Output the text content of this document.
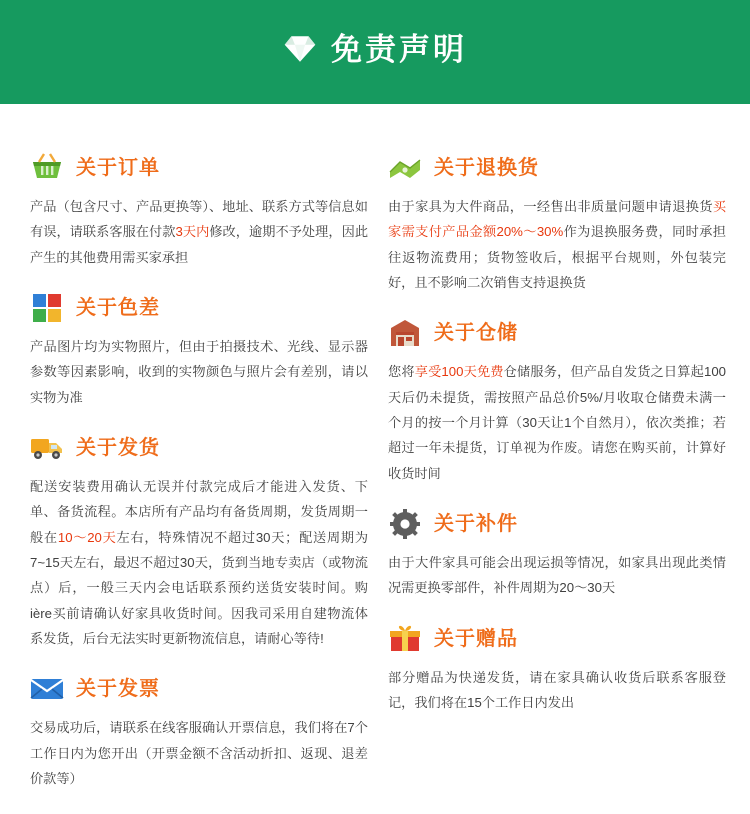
免责声明
关于订单
产品（包含尺寸、产品更换等）、地址、联系方式等信息如有误，请联系客服在付款3天内修改，逾期不予处理，因此产生的其他费用需买家承担
关于色差
产品图片均为实物照片，但由于拍摄技术、光线、显示器参数等因素影响，收到的实物颜色与照片会有差别，请以实物为准
关于发货
配送安装费用确认无误并付款完成后才能进入发货、下单、备货流程。本店所有产品均有备货周期，发货周期一般在10～20天左右，特殊情况不超过30天；配送周期为7~15天左右，最迟不超过30天，货到当地专卖店（或物流点）后，一般三天内会电话联系预约送货安装时间。购ière买前请确认好家具收货时间。因我司采用自建物流体系发货，后台无法实时更新物流信息，请耐心等待!
关于发票
交易成功后，请联系在线客服确认开票信息，我们将在7个工作日内为您开出（开票金额不含活动折扣、返现、退差价款等）
关于退换货
由于家具为大件商品，一经售出非质量问题申请退换货买家需支付产品金额20%～30%作为退换服务费，同时承担往返物流费用；货物签收后，根据平台规则，外包装完好，且不影响二次销售支持退换货
关于仓储
您将享受100天免费仓储服务，但产品自发货之日算起100天后仍未提货，需按照产品总价5%/月收取仓储费未满一个月的按一个月计算（30天让1个自然月），依次类推；若超过一年未提货，订单视为作废。请您在购买前，计算好收货时间
关于补件
由于大件家具可能会出现运损等情况，如家具出现此类情况需更换零部件，补件周期为20～30天
关于赠品
部分赠品为快递发货，请在家具确认收货后联系客服登记，我们将在15个工作日内发出
